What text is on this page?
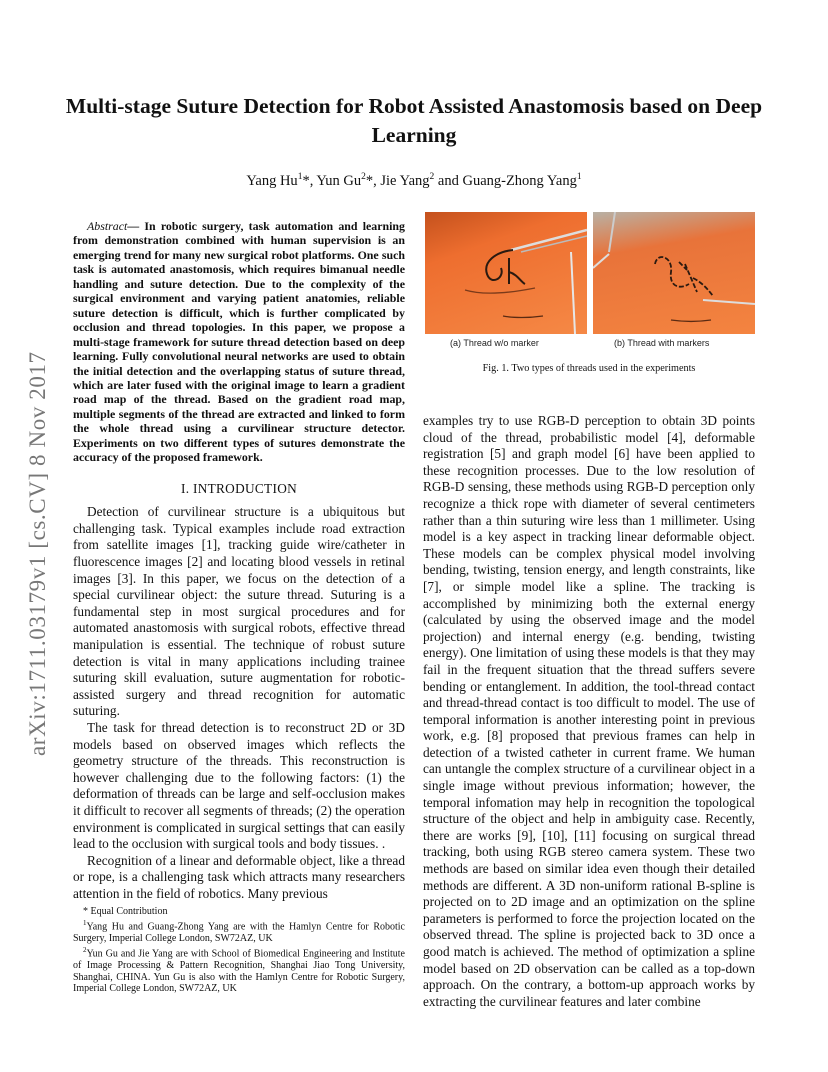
Multi-stage Suture Detection for Robot Assisted Anastomosis based on Deep Learning
Yang Hu$^1$*, Yun Gu$^2$*, Jie Yang$^2$ and Guang-Zhong Yang$^1$
arXiv:1711.03179v1 [cs.CV] 8 Nov 2017

Abstract— In robotic surgery, task automation and learning from demonstration combined with human supervision is an emerging trend for many new surgical robot platforms. One such task is automated anastomosis, which requires bimanual needle handling and suture detection. Due to the complexity of the surgical environment and varying patient anatomies, reliable suture detection is difficult, which is further complicated by occlusion and thread topologies. In this paper, we propose a multi-stage framework for suture thread detection based on deep learning. Fully convolutional neural networks are used to obtain the initial detection and the overlapping status of suture thread, which are later fused with the original image to learn a gradient road map of the thread. Based on the gradient road map, multiple segments of the thread are extracted and linked to form the whole thread using a curvilinear structure detector. Experiments on two different types of sutures demonstrate the accuracy of the proposed framework.

I. INTRODUCTION

Detection of curvilinear structure is a ubiquitous but challenging task. Typical examples include road extraction from satellite images [1], tracking guide wire/catheter in fluorescence images [2] and locating blood vessels in retinal images [3]. In this paper, we focus on the detection of a special curvilinear object: the suture thread. Suturing is a fundamental step in most surgical procedures and for automated anastomosis with surgical robots, effective thread manipulation is essential. The technique of robust suture detection is vital in many applications including trainee suturing skill evaluation, suture augmentation for robotic-assisted surgery and thread recognition for automatic suturing.

The task for thread detection is to reconstruct 2D or 3D models based on observed images which reflects the geometry structure of the threads. This reconstruction is however challenging due to the following factors: (1) the deformation of threads can be large and self-occlusion makes it difficult to recover all segments of threads; (2) the operation environment is complicated in surgical settings that can easily lead to the occlusion with surgical tools and body tissues. .

Recognition of a linear and deformable object, like a thread or rope, is a challenging task which attracts many researchers attention in the field of robotics. Many previous

* Equal Contribution

$^1$Yang Hu and Guang-Zhong Yang are with the Hamlyn Centre for Robotic Surgery, Imperial College London, SW72AZ, UK

$^2$Yun Gu and Jie Yang are with School of Biomedical Engineering and Institute of Image Processing & Pattern Recognition, Shanghai Jiao Tong University, Shanghai, CHINA. Yun Gu is also with the Hamlyn Centre for Robotic Surgery, Imperial College London, SW72AZ, UK

(a) Thread w/o marker	(b) Thread with markers
Fig. 1. Two types of threads used in the experiments

examples try to use RGB-D perception to obtain 3D points cloud of the thread, probabilistic model [4], deformable registration [5] and graph model [6] have been applied to these recognition processes. Due to the low resolution of RGB-D sensing, these methods using RGB-D perception only recognize a thick rope with diameter of several centimeters rather than a thin suturing wire less than 1 millimeter. Using model is a key aspect in tracking linear deformable object. These models can be complex physical model involving bending, twisting, tension energy, and length constraints, like [7], or simple model like a spline. The tracking is accomplished by minimizing both the external energy (calculated by using the observed image and the model projection) and internal energy (e.g. bending, twisting energy). One limitation of using these models is that they may fail in the frequent situation that the thread suffers severe bending or entanglement. In addition, the tool-thread contact and thread-thread contact is too difficult to model. The use of temporal information is another interesting point in previous work, e.g. [8] proposed that previous frames can help in detection of a twisted catheter in current frame. We human can untangle the complex structure of a curvilinear object in a single image without previous information; however, the temporal infomation may help in recognition the topological structure of the object and help in ambiguity case. Recently, there are works [9], [10], [11] focusing on surgical thread tracking, both using RGB stereo camera system. These two methods are based on similar idea even though their detailed methods are different. A 3D non-uniform rational B-spline is projected on to 2D image and an optimization on the spline parameters is performed to force the projection located on the observed thread. The spline is projected back to 3D once a good match is achieved. The method of optimization a spline model based on 2D observation can be called as a top-down approach. On the contrary, a bottom-up approach works by extracting the curvilinear features and later combine
